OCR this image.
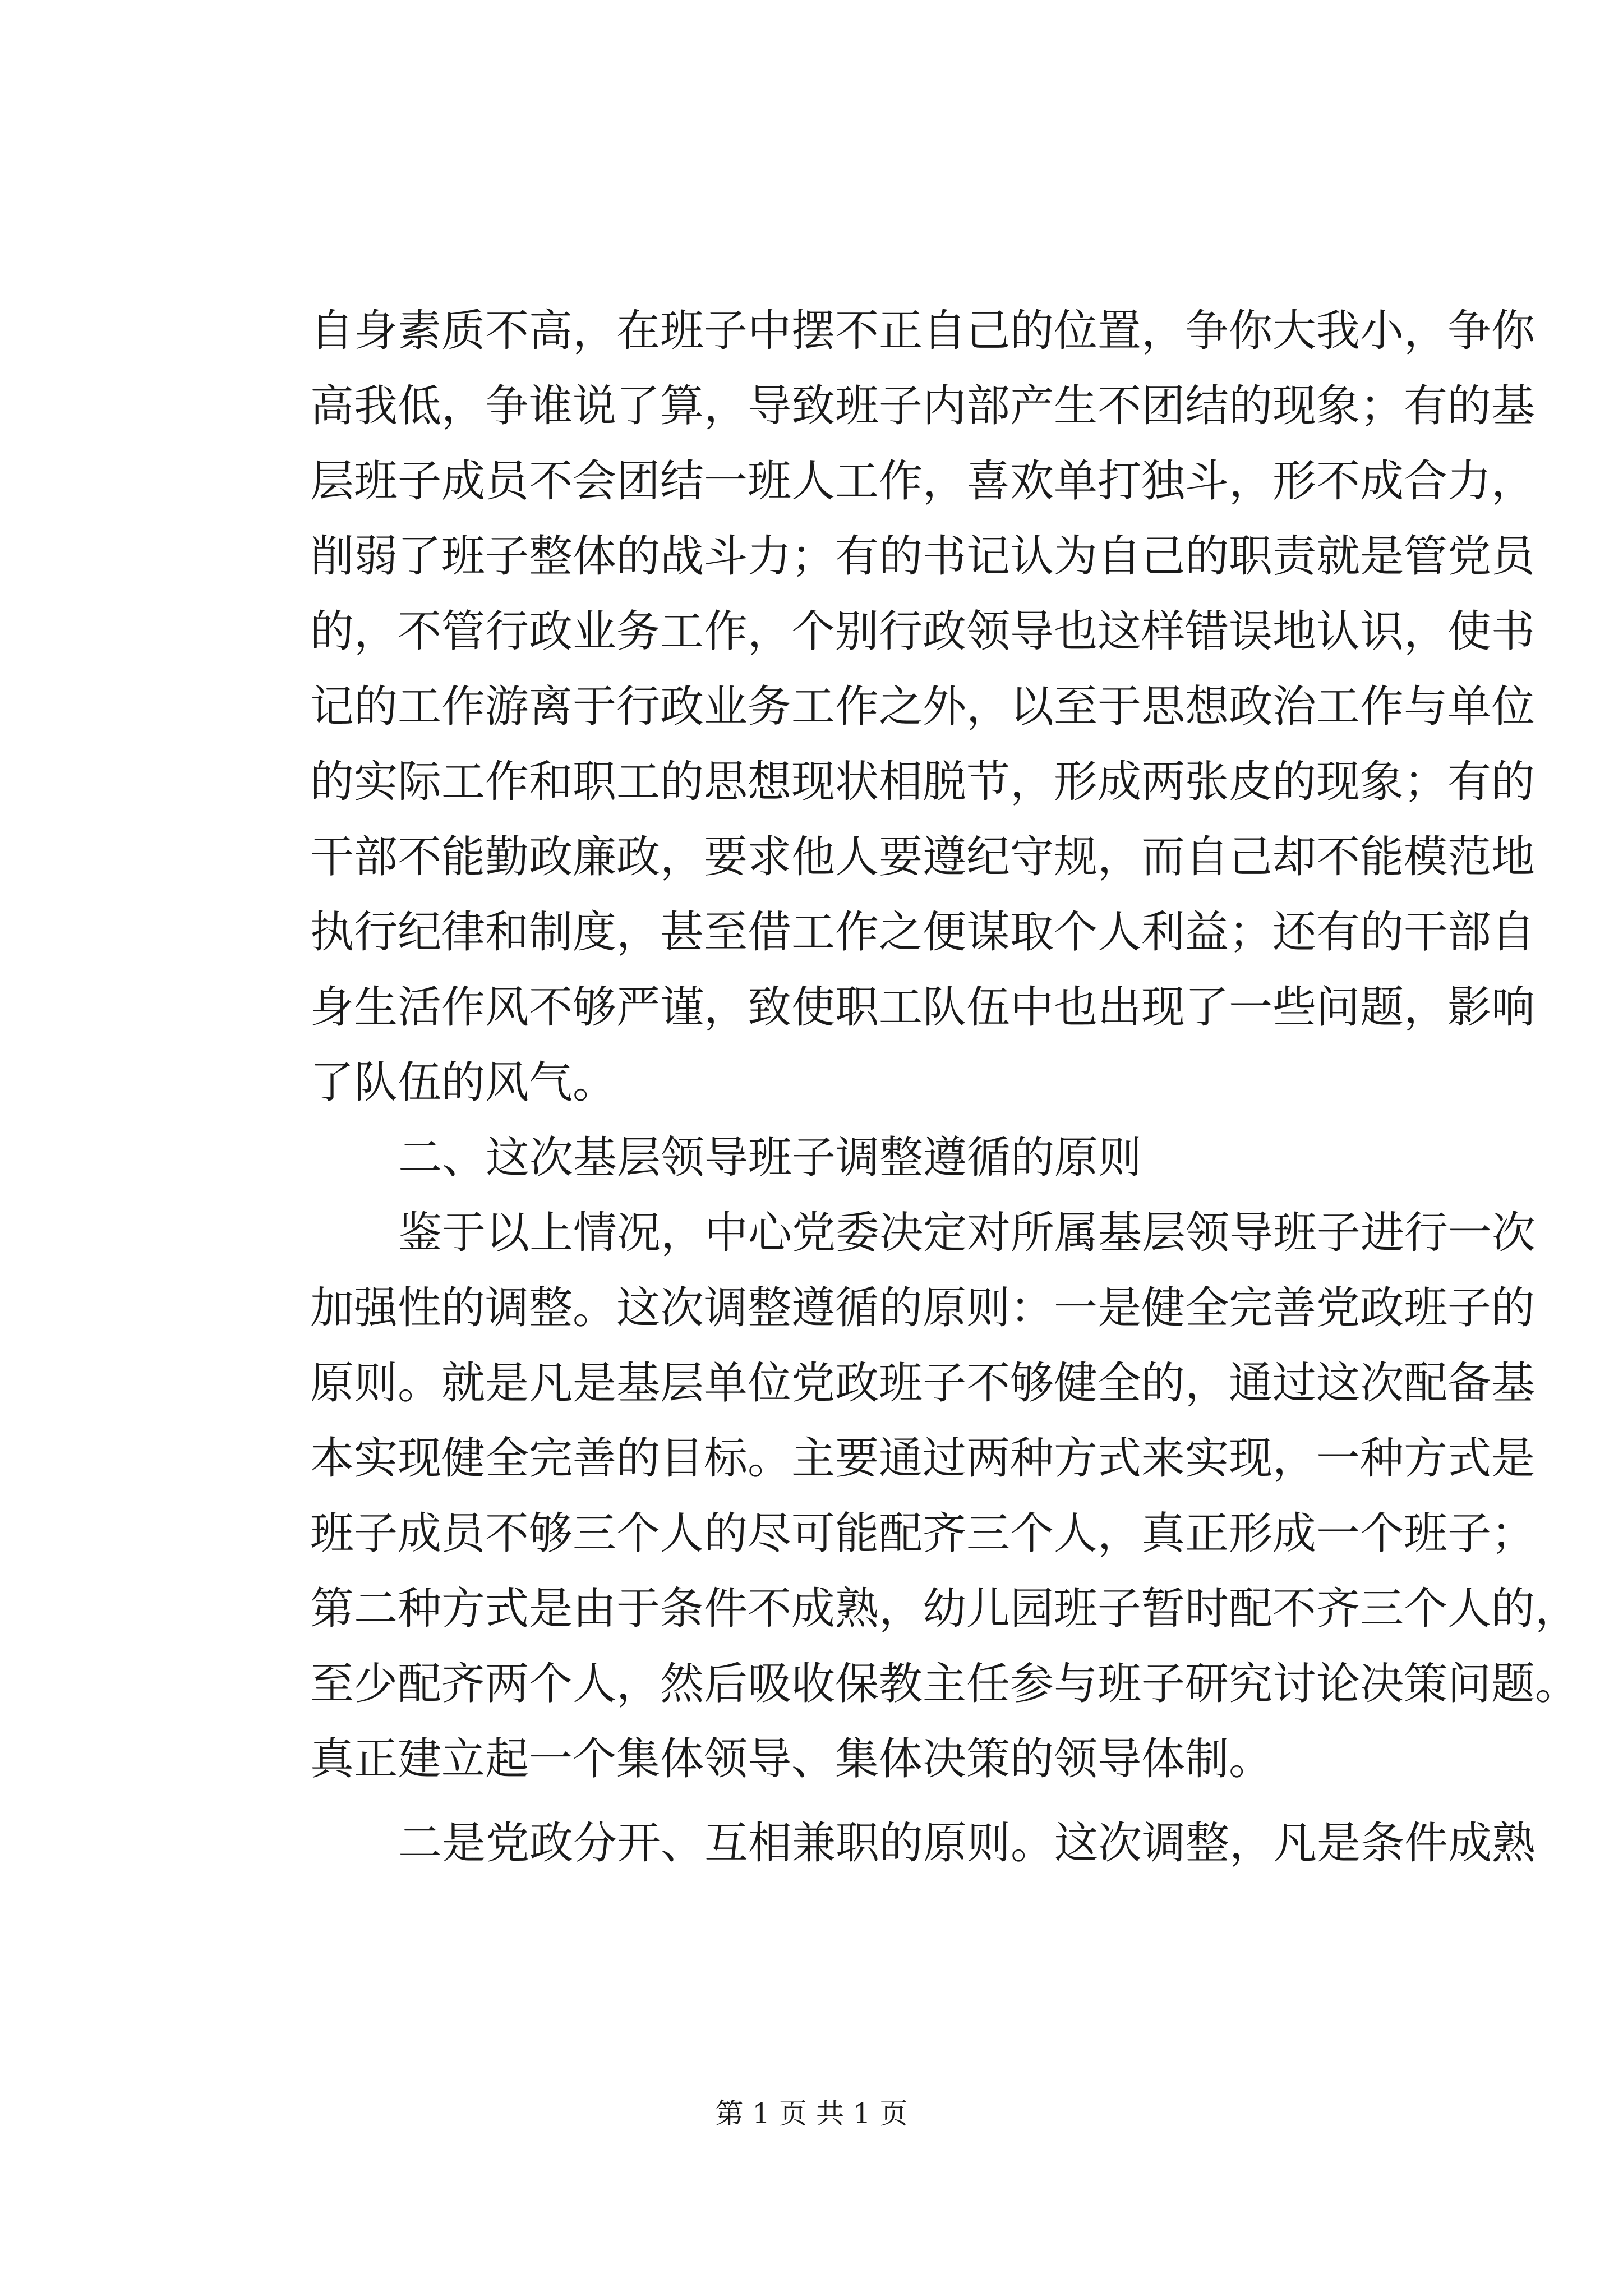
自身素质不高，在班子中摆不正自己的位置，争你大我小，争你
高我低，争谁说了算，导致班子内部产生不团结的现象；有的基
层班子成员不会团结一班人工作，喜欢单打独斗，形不成合力，
削弱了班子整体的战斗力；有的书记认为自己的职责就是管党员
的，不管行政业务工作，个别行政领导也这样错误地认识，使书
记的工作游离于行政业务工作之外，以至于思想政治工作与单位
的实际工作和职工的思想现状相脱节，形成两张皮的现象；有的
干部不能勤政廉政，要求他人要遵纪守规，而自己却不能模范地
执行纪律和制度，甚至借工作之便谋取个人利益；还有的干部自
身生活作风不够严谨，致使职工队伍中也出现了一些问题，影响
了队伍的风气。
二、这次基层领导班子调整遵循的原则
鉴于以上情况，中心党委决定对所属基层领导班子进行一次
加强性的调整。这次调整遵循的原则：一是健全完善党政班子的
原则。就是凡是基层单位党政班子不够健全的，通过这次配备基
本实现健全完善的目标。主要通过两种方式来实现，一种方式是
班子成员不够三个人的尽可能配齐三个人，真正形成一个班子；
第二种方式是由于条件不成熟，幼儿园班子暂时配不齐三个人的，
至少配齐两个人，然后吸收保教主任参与班子研究讨论决策问题。
真正建立起一个集体领导、集体决策的领导体制。
二是党政分开、互相兼职的原则。这次调整，凡是条件成熟
第 1 页 共 1 页
